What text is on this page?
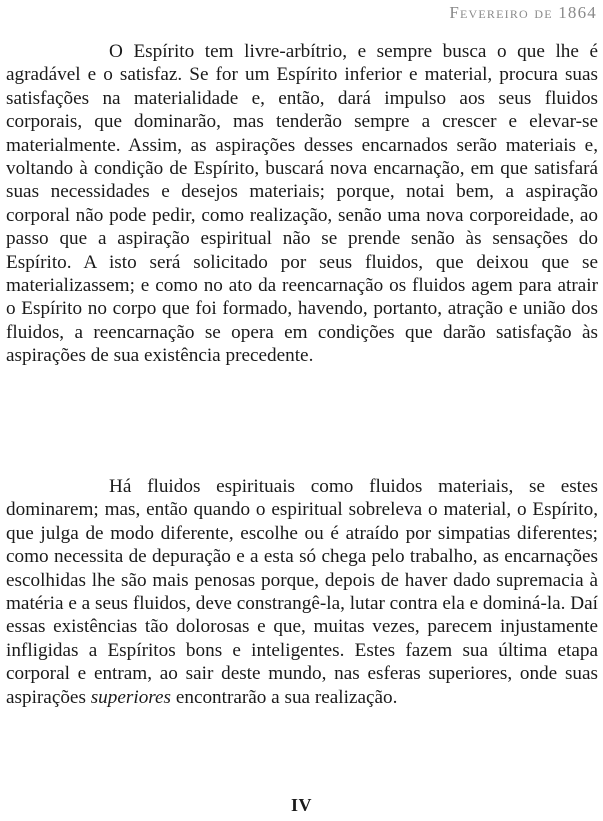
Fevereiro de 1864

O Espírito tem livre-arbítrio, e sempre busca o que lhe é agradável e o satisfaz. Se for um Espírito inferior e material, procura suas satisfações na materialidade e, então, dará impulso aos seus fluidos corporais, que dominarão, mas tenderão sempre a crescer e elevar-se materialmente. Assim, as aspirações desses encarnados serão materiais e, voltando à condição de Espírito, buscará nova encarnação, em que satisfará suas necessidades e desejos materiais; porque, notai bem, a aspiração corporal não pode pedir, como realização, senão uma nova corporeidade, ao passo que a aspiração espiritual não se prende senão às sensações do Espírito. A isto será solicitado por seus fluidos, que deixou que se materializassem; e como no ato da reencarnação os fluidos agem para atrair o Espírito no corpo que foi formado, havendo, portanto, atração e união dos fluidos, a reencarnação se opera em condições que darão satisfação às aspirações de sua existência precedente.

Há fluidos espirituais como fluidos materiais, se estes dominarem; mas, então quando o espiritual sobreleva o material, o Espírito, que julga de modo diferente, escolhe ou é atraído por simpatias diferentes; como necessita de depuração e a esta só chega pelo trabalho, as encarnações escolhidas lhe são mais penosas porque, depois de haver dado supremacia à matéria e a seus fluidos, deve constrangê-la, lutar contra ela e dominá-la. Daí essas existências tão dolorosas e que, muitas vezes, parecem injustamente infligidas a Espíritos bons e inteligentes. Estes fazem sua última etapa corporal e entram, ao sair deste mundo, nas esferas superiores, onde suas aspirações superiores encontrarão a sua realização.

IV
